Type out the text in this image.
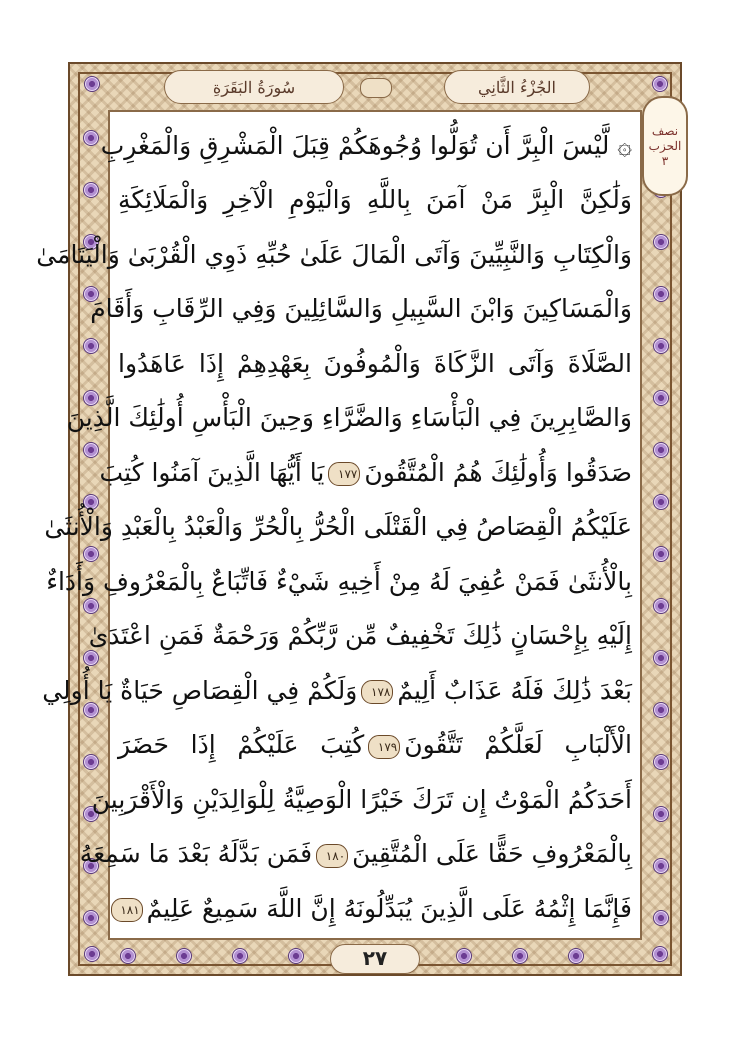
سُورَةُ البَقَرَةِ	الجُزْءُ الثَّانِي
نصف
الحزب
٣
۞ لَّيْسَ الْبِرَّ أَن تُوَلُّوا وُجُوهَكُمْ قِبَلَ الْمَشْرِقِ وَالْمَغْرِبِ
وَلَٰكِنَّ الْبِرَّ مَنْ آمَنَ بِاللَّهِ وَالْيَوْمِ الْآخِرِ وَالْمَلَائِكَةِ
وَالْكِتَابِ وَالنَّبِيِّينَ وَآتَى الْمَالَ عَلَىٰ حُبِّهِ ذَوِي الْقُرْبَىٰ وَالْيَتَامَىٰ
وَالْمَسَاكِينَ وَابْنَ السَّبِيلِ وَالسَّائِلِينَ وَفِي الرِّقَابِ وَأَقَامَ
الصَّلَاةَ وَآتَى الزَّكَاةَ وَالْمُوفُونَ بِعَهْدِهِمْ إِذَا عَاهَدُوا
وَالصَّابِرِينَ فِي الْبَأْسَاءِ وَالضَّرَّاءِ وَحِينَ الْبَأْسِ أُولَٰئِكَ الَّذِينَ
صَدَقُوا وَأُولَٰئِكَ هُمُ الْمُتَّقُونَ١٧٧يَا أَيُّهَا الَّذِينَ آمَنُوا كُتِبَ
عَلَيْكُمُ الْقِصَاصُ فِي الْقَتْلَى الْحُرُّ بِالْحُرِّ وَالْعَبْدُ بِالْعَبْدِ وَالْأُنثَىٰ
بِالْأُنثَىٰ فَمَنْ عُفِيَ لَهُ مِنْ أَخِيهِ شَيْءٌ فَاتِّبَاعٌ بِالْمَعْرُوفِ وَأَدَاءٌ
إِلَيْهِ بِإِحْسَانٍ ذَٰلِكَ تَخْفِيفٌ مِّن رَّبِّكُمْ وَرَحْمَةٌ فَمَنِ اعْتَدَىٰ
بَعْدَ ذَٰلِكَ فَلَهُ عَذَابٌ أَلِيمٌ١٧٨وَلَكُمْ فِي الْقِصَاصِ حَيَاةٌ يَا أُولِي
الْأَلْبَابِ لَعَلَّكُمْ تَتَّقُونَ١٧٩كُتِبَ عَلَيْكُمْ إِذَا حَضَرَ
أَحَدَكُمُ الْمَوْتُ إِن تَرَكَ خَيْرًا الْوَصِيَّةُ لِلْوَالِدَيْنِ وَالْأَقْرَبِينَ
بِالْمَعْرُوفِ حَقًّا عَلَى الْمُتَّقِينَ١٨٠فَمَن بَدَّلَهُ بَعْدَ مَا سَمِعَهُ
فَإِنَّمَا إِثْمُهُ عَلَى الَّذِينَ يُبَدِّلُونَهُ إِنَّ اللَّهَ سَمِيعٌ عَلِيمٌ١٨١
٢٧
